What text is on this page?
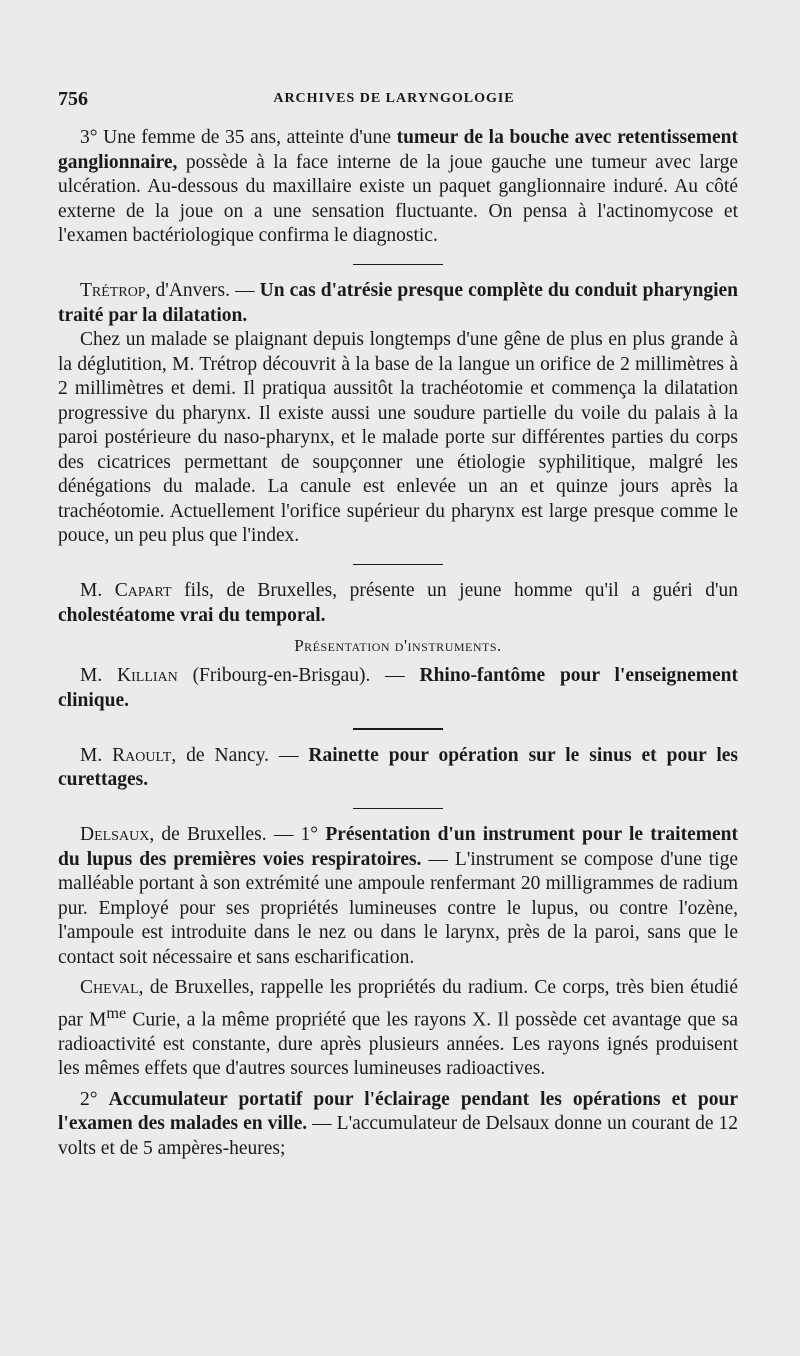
756	ARCHIVES DE LARYNGOLOGIE

3° Une femme de 35 ans, atteinte d'une tumeur de la bouche avec retentissement ganglionnaire, possède à la face interne de la joue gauche une tumeur avec large ulcération. Au-dessous du maxillaire existe un paquet ganglionnaire induré. Au côté externe de la joue on a une sensation fluctuante. On pensa à l'actinomycose et l'examen bactériologique confirma le diagnostic.

Trétrop, d'Anvers. — Un cas d'atrésie presque complète du conduit pharyngien traité par la dilatation.

Chez un malade se plaignant depuis longtemps d'une gêne de plus en plus grande à la déglutition, M. Trétrop découvrit à la base de la langue un orifice de 2 millimètres à 2 millimètres et demi. Il pratiqua aussitôt la trachéotomie et commença la dilatation progressive du pharynx. Il existe aussi une soudure partielle du voile du palais à la paroi postérieure du naso-pharynx, et le malade porte sur différentes parties du corps des cicatrices permettant de soupçonner une étiologie syphilitique, malgré les dénégations du malade. La canule est enlevée un an et quinze jours après la trachéotomie. Actuellement l'orifice supérieur du pharynx est large presque comme le pouce, un peu plus que l'index.

M. Capart fils, de Bruxelles, présente un jeune homme qu'il a guéri d'un cholestéatome vrai du temporal.

Présentation d'instruments.

M. Killian (Fribourg-en-Brisgau). — Rhino-fantôme pour l'enseignement clinique.

M. Raoult, de Nancy. — Rainette pour opération sur le sinus et pour les curettages.

Delsaux, de Bruxelles. — 1° Présentation d'un instrument pour le traitement du lupus des premières voies respiratoires. — L'instrument se compose d'une tige malléable portant à son extrémité une ampoule renfermant 20 milligrammes de radium pur. Employé pour ses propriétés lumineuses contre le lupus, ou contre l'ozène, l'ampoule est introduite dans le nez ou dans le larynx, près de la paroi, sans que le contact soit nécessaire et sans escharification.

Cheval, de Bruxelles, rappelle les propriétés du radium. Ce corps, très bien étudié par $M^{me}$ Curie, a la même propriété que les rayons X. Il possède cet avantage que sa radioactivité est constante, dure après plusieurs années. Les rayons ignés produisent les mêmes effets que d'autres sources lumineuses radioactives.

2° Accumulateur portatif pour l'éclairage pendant les opérations et pour l'examen des malades en ville. — L'accumulateur de Delsaux donne un courant de 12 volts et de 5 ampères-heures;
